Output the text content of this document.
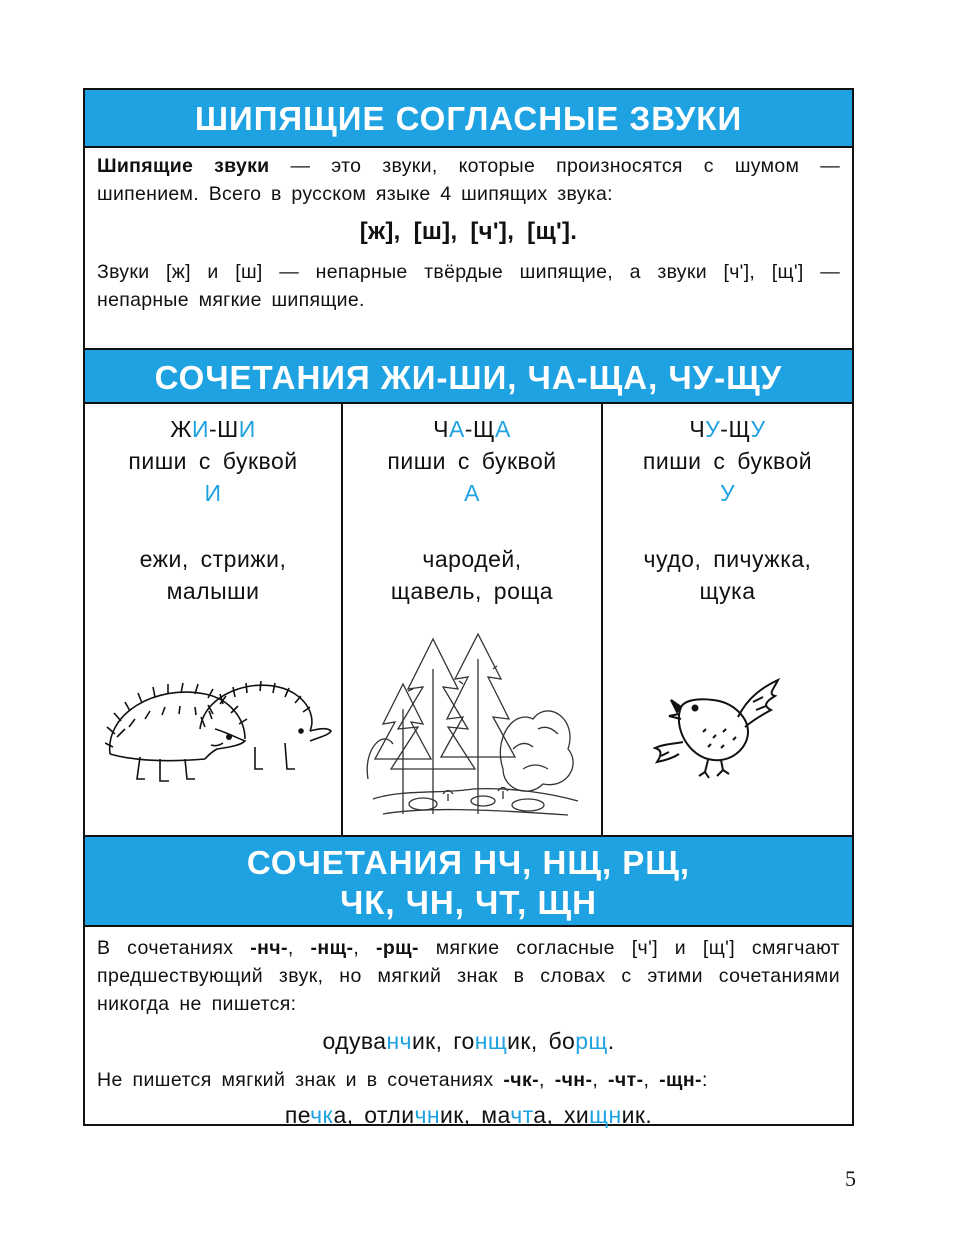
ШИПЯЩИЕ СОГЛАСНЫЕ ЗВУКИ

Шипящие звуки — это звуки, которые произносятся с шумом — шипением. Всего в русском языке 4 шипящих звука:

[ж], [ш], [ч'], [щ'].

Звуки [ж] и [ш] — непарные твёрдые шипящие, а звуки [ч'], [щ'] — непарные мягкие шипящие.

СОЧЕТАНИЯ ЖИ-ШИ, ЧА-ЩА, ЧУ-ЩУ
ЖИ-ШИ
пиши с буквой
И
ежи, стрижи,
малыши
ЧА-ЩА
пиши с буквой
А
чародей,
щавель, роща
ЧУ-ЩУ
пиши с буквой
У
чудо, пичужка,
щука
СОЧЕТАНИЯ НЧ, НЩ, РЩ,
ЧК, ЧН, ЧТ, ЩН

В сочетаниях -нч-, -нщ-, -рщ- мягкие согласные [ч'] и [щ'] смягчают предшествующий звук, но мягкий знак в словах с этими сочетаниями никогда не пишется:

одуванчик, гонщик, борщ.

Не пишется мягкий знак и в сочетаниях -чк-, -чн-, -чт-, -щн-:

печка, отличник, мачта, хищник.

5
